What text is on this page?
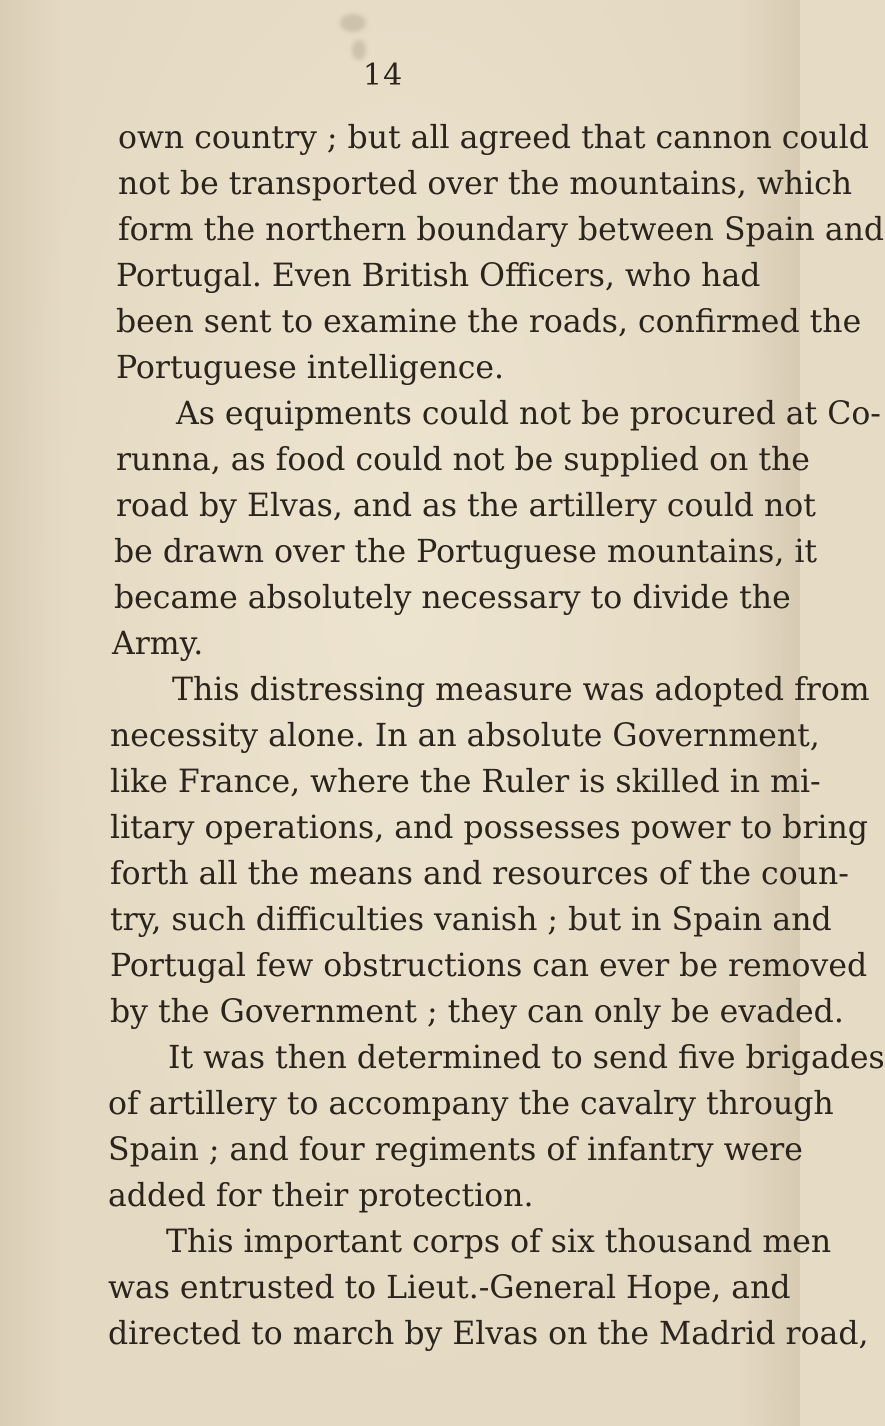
14
own country ; but all agreed that cannon could
not be transported over the mountains, which
form the northern boundary between Spain and
Portugal. Even British Officers, who had
been sent to examine the roads, confirmed the
Portuguese intelligence.
As equipments could not be procured at Co-
runna, as food could not be supplied on the
road by Elvas, and as the artillery could not
be drawn over the Portuguese mountains, it
became absolutely necessary to divide the
Army.
This distressing measure was adopted from
necessity alone. In an absolute Government,
like France, where the Ruler is skilled in mi-
litary operations, and possesses power to bring
forth all the means and resources of the coun-
try, such difficulties vanish ; but in Spain and
Portugal few obstructions can ever be removed
by the Government ; they can only be evaded.
It was then determined to send five brigades
of artillery to accompany the cavalry through
Spain ; and four regiments of infantry were
added for their protection.
This important corps of six thousand men
was entrusted to Lieut.-General Hope, and
directed to march by Elvas on the Madrid road,
